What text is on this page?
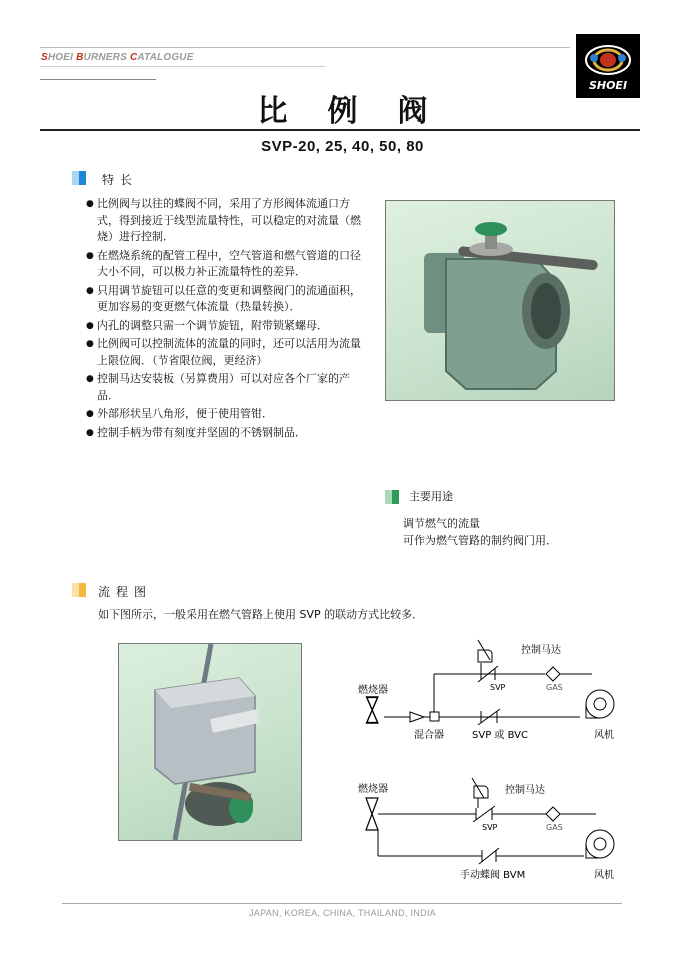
SHOEI BURNERS CATALOGUE
SHOEI
比例阀
SVP-20, 25, 40, 50, 80
特长
● 比例阀与以往的蝶阀不同，采用了方形阀体流通口方式，得到接近于线型流量特性，可以稳定的对流量（燃烧）进行控制．
● 在燃烧系统的配管工程中，空气管道和燃气管道的口径大小不同，可以极力补正流量特性的差异．
● 只用调节旋钮可以任意的变更和调整阀门的流通面积，更加容易的变更燃气体流量（热量转换）．
● 内孔的调整只需一个调节旋钮，附带锁紧螺母．
● 比例阀可以控制流体的流量的同时，还可以活用为流量上限位阀．（节省限位阀，更经济）
● 控制马达安装板（另算费用）可以对应各个厂家的产品．
● 外部形状呈八角形，便于使用管钳．
● 控制手柄为带有刻度并坚固的不锈钢制品．
主要用途
调节燃气的流量
可作为燃气管路的制约阀门用．
流程图
如下图所示，一般采用在燃气管路上使用 SVP 的联动方式比较多．
燃烧器
控制马达
SVP	GAS
SVP 或 BVC
混合器	风机
燃烧器	控制马达
SVP	GAS
手动蝶阀 BVM	风机
JAPAN, KOREA, CHINA, THAILAND, INDIA
